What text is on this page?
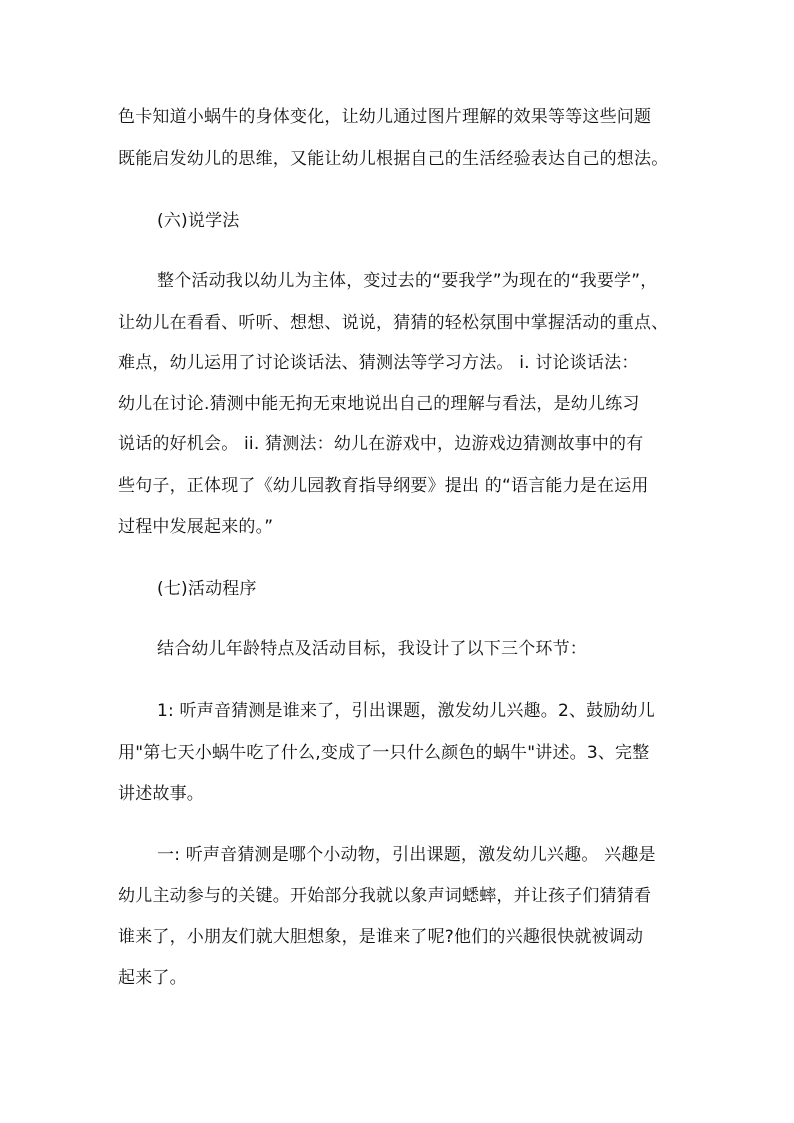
色卡知道小蜗牛的身体变化，让幼儿通过图片理解的效果等等这些问题
既能启发幼儿的思维，又能让幼儿根据自己的生活经验表达自己的想法。
(六)说学法
整个活动我以幼儿为主体，变过去的“要我学”为现在的“我要学”，
让幼儿在看看、听听、想想、说说，猜猜的轻松氛围中掌握活动的重点、
难点，幼儿运用了讨论谈话法、猜测法等学习方法。 i. 讨论谈话法：
幼儿在讨论.猜测中能无拘无束地说出自己的理解与看法，是幼儿练习
说话的好机会。 ii. 猜测法：幼儿在游戏中，边游戏边猜测故事中的有
些句子，正体现了《幼儿园教育指导纲要》提出 的“语言能力是在运用
过程中发展起来的。”
(七)活动程序
结合幼儿年龄特点及活动目标，我设计了以下三个环节：
1: 听声音猜测是谁来了，引出课题，激发幼儿兴趣。2、鼓励幼儿
用"第七天小蜗牛吃了什么,变成了一只什么颜色的蜗牛"讲述。3、完整
讲述故事。
一: 听声音猜测是哪个小动物，引出课题，激发幼儿兴趣。 兴趣是
幼儿主动参与的关键。开始部分我就以象声词蟋蟀，并让孩子们猜猜看
谁来了，小朋友们就大胆想象，是谁来了呢?他们的兴趣很快就被调动
起来了。
